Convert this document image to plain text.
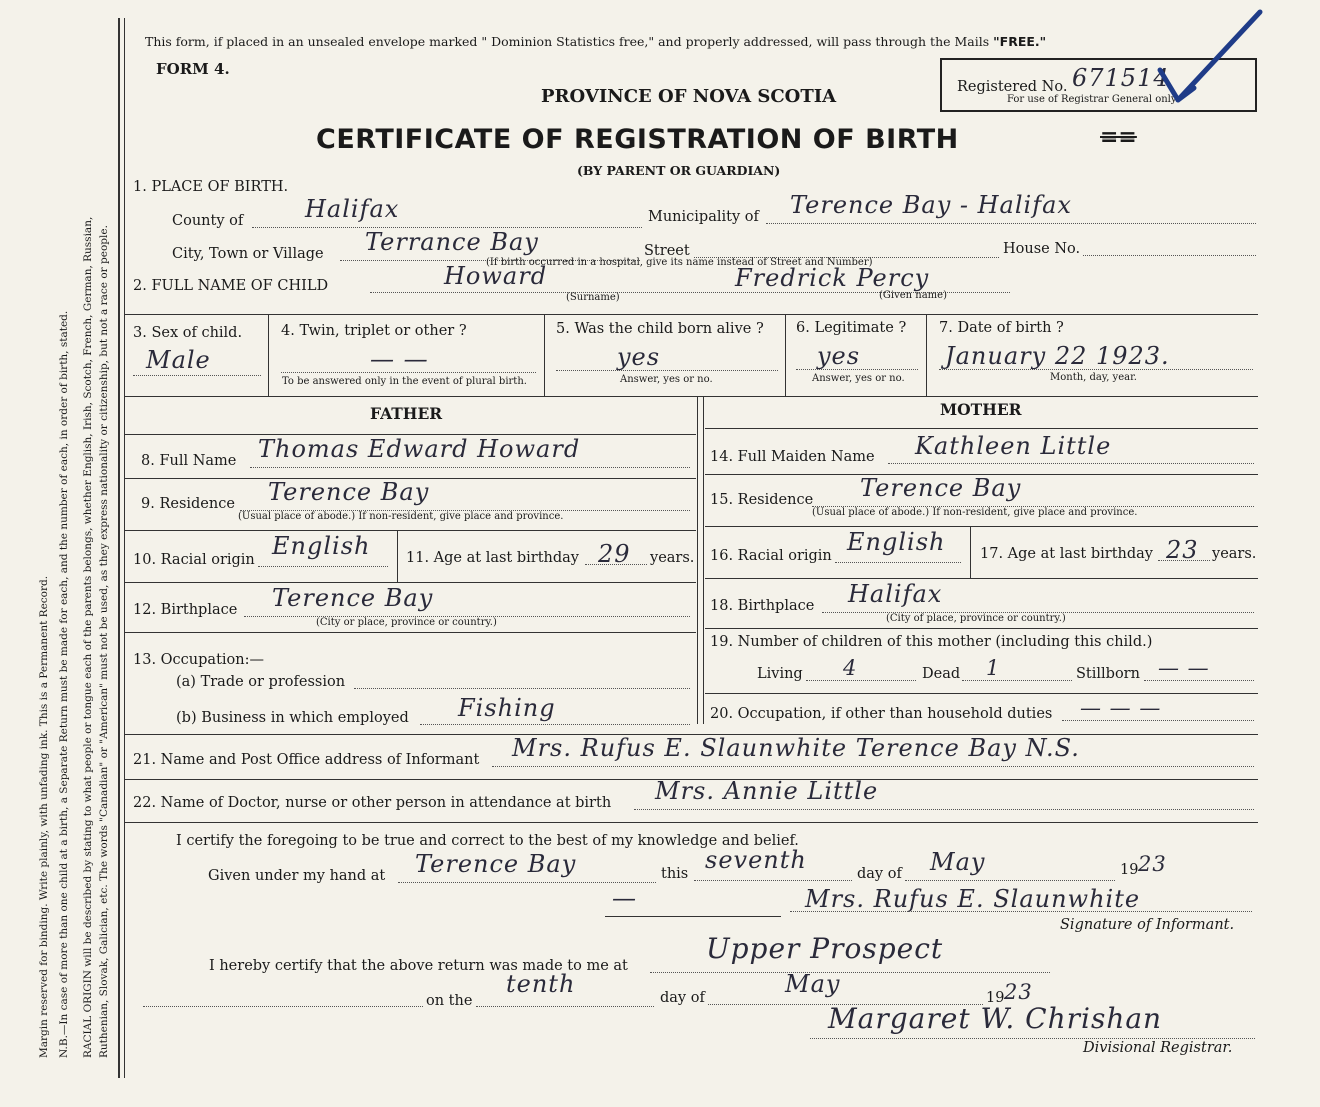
Margin reserved for binding. Write plainly, with unfading ink. This is a Permanent Record. N.B.—In case of more than one child at a birth, a Separate Return must be made for each, and the number of each, in order of birth, stated. RACIAL ORIGIN will be described by stating to what people or tongue each of the parents belongs, whether English, Irish, Scotch, French, German, Russian, Ruthenian, Slovak, Galician, etc. The words "Canadian" or "American" must not be used, as they express nationality or citizenship, but not a race or people.
This form, if placed in an unsealed envelope marked " Dominion Statistics free," and properly addressed, will pass through the Mails "FREE."
FORM 4.
PROVINCE OF NOVA SCOTIA
CERTIFICATE OF REGISTRATION OF BIRTH
(BY PARENT OR GUARDIAN)
≡≡
Registered No. 671514
For use of Registrar General only.
1. PLACE OF BIRTH.
County of	Halifax	Municipality of Terence Bay - Halifax
City, Town or Village Terrance Bay	Street	House No.
(If birth occurred in a hospital, give its name instead of Street and Number)
2. FULL NAME OF CHILD	Howard
(Surname)
Fredrick Percy
(Given name)
3. Sex of child.
Male
4. Twin, triplet or other ?
— —
To be answered only in the event of plural birth.
5. Was the child born alive ?
yes
Answer, yes or no.
6. Legitimate ?
yes
Answer, yes or no.
7. Date of birth ?
January 22 1923.
Month, day, year.
FATHER	MOTHER
8. Full Name Thomas Edward Howard
9. Residence Terence Bay
(Usual place of abode.) If non-resident, give place and province.
10. Racial origin English 11. Age at last birthday 29 years.
12. Birthplace Terence Bay
(City or place, province or country.)
13. Occupation:—
(a) Trade or profession
(b) Business in which employed Fishing
14. Full Maiden Name Kathleen Little
15. Residence Terence Bay
(Usual place of abode.) If non-resident, give place and province.
16. Racial origin English 17. Age at last birthday 23 years.
18. Birthplace Halifax
(City of place, province or country.)
19. Number of children of this mother (including this child.)
Living 4	Dead 1	Stillborn — —
20. Occupation, if other than household duties — — —
21. Name and Post Office address of Informant Mrs. Rufus E. Slaunwhite Terence Bay N.S.
22. Name of Doctor, nurse or other person in attendance at birth Mrs. Annie Little
I certify the foregoing to be true and correct to the best of my knowledge and belief.
Given under my hand at Terence Bay	this seventh	day of May	19 23
—	Mrs. Rufus E. Slaunwhite
Signature of Informant.
I hereby certify that the above return was made to me at
Upper Prospect
on the
tenth	day of	May	19 23
Margaret W. Chrishan
Divisional Registrar.
